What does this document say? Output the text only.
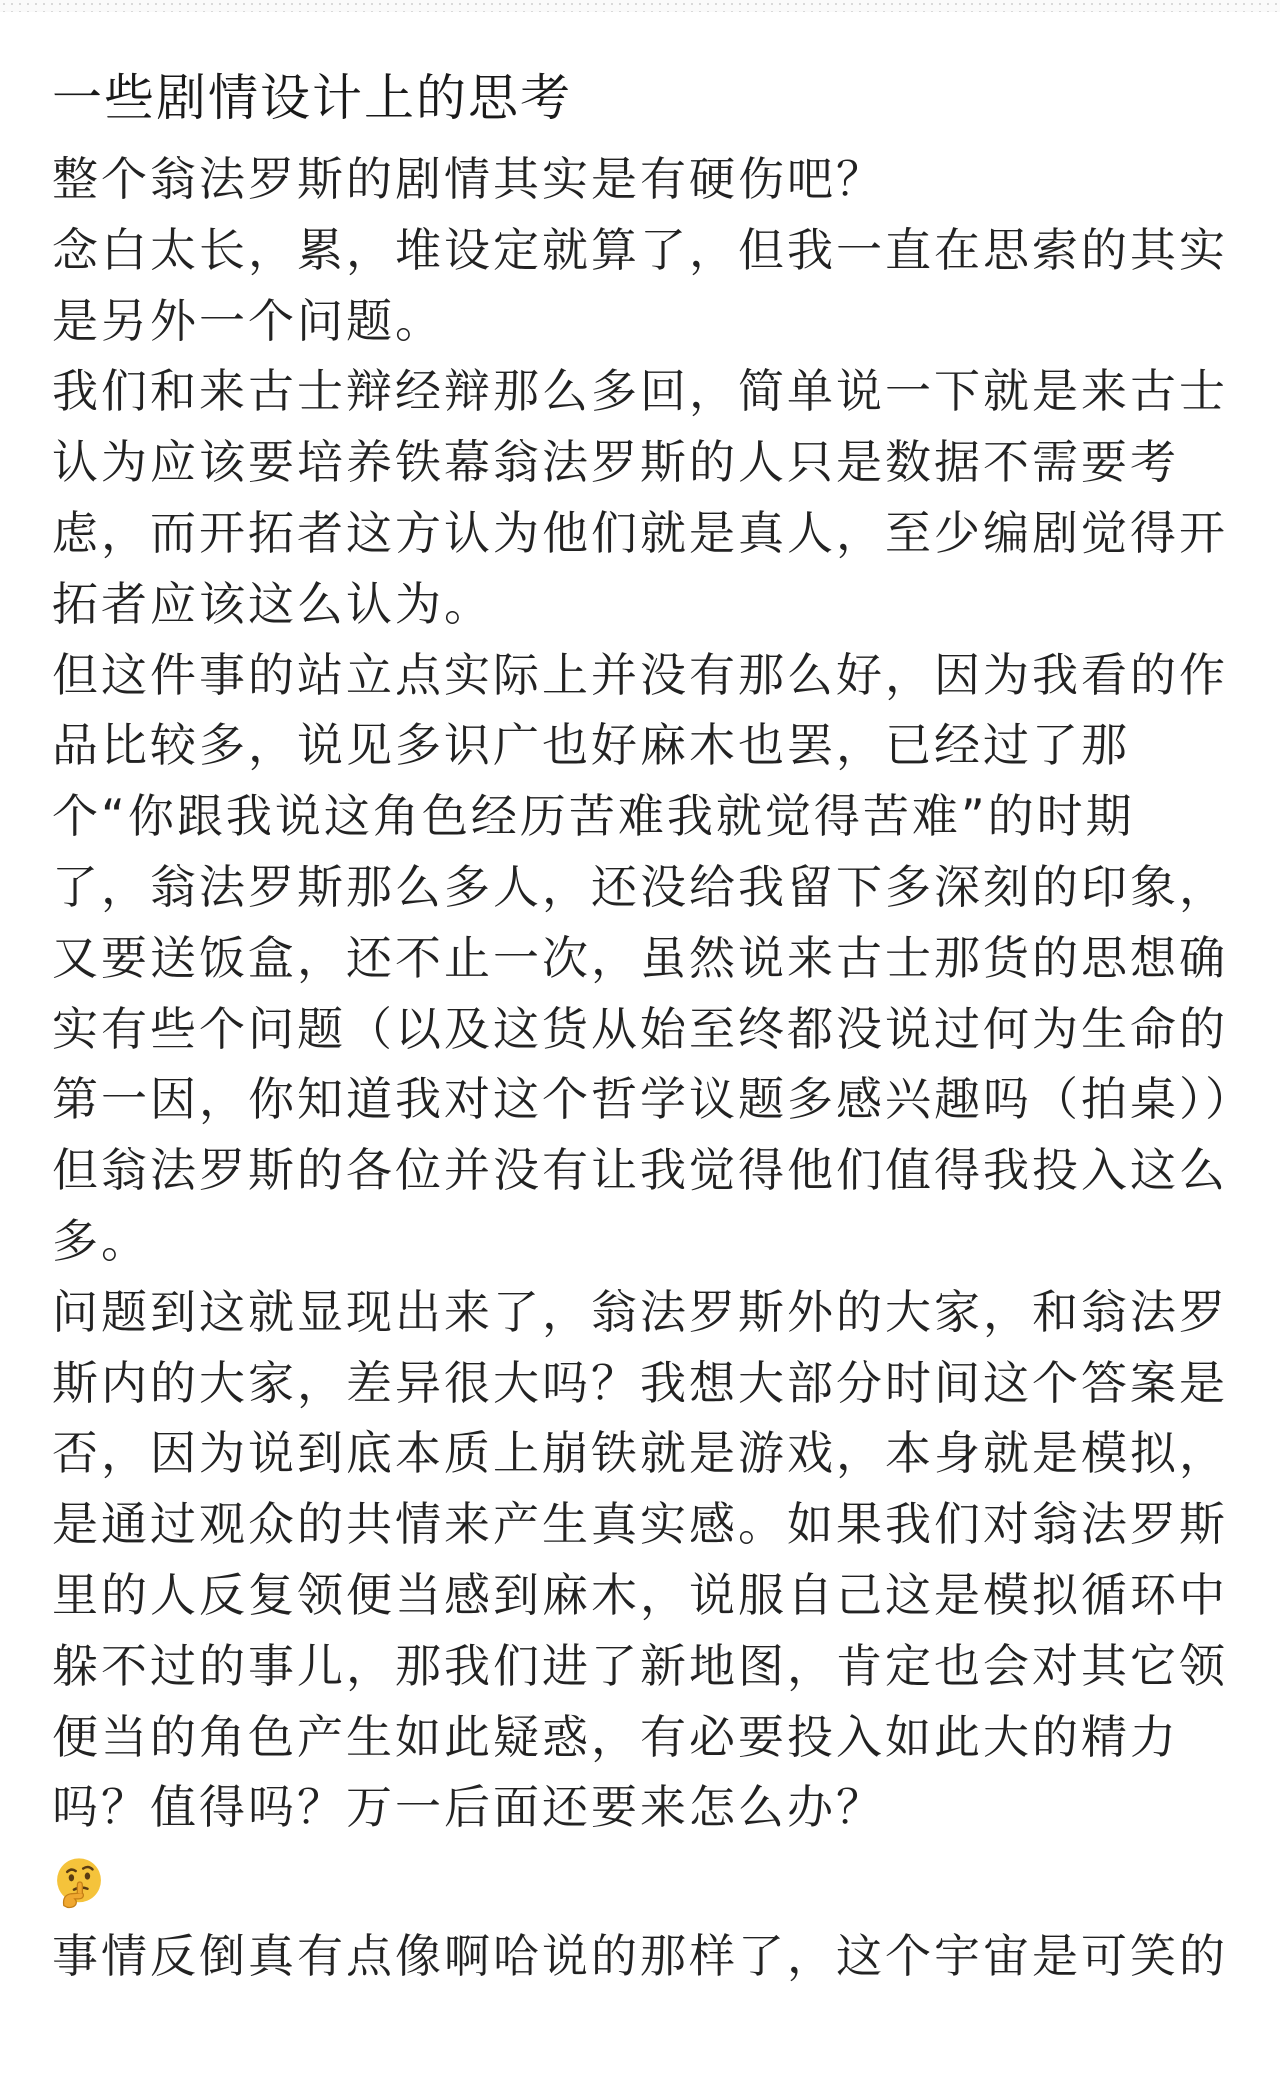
一些剧情设计上的思考

整个翁法罗斯的剧情其实是有硬伤吧？

念白太长，累，堆设定就算了，但我一直在思索的其实是另外一个问题。

我们和来古士辩经辩那么多回，简单说一下就是来古士认为应该要培养铁幕翁法罗斯的人只是数据不需要考虑，而开拓者这方认为他们就是真人，至少编剧觉得开拓者应该这么认为。

但这件事的站立点实际上并没有那么好，因为我看的作品比较多，说见多识广也好麻木也罢，已经过了那个“你跟我说这角色经历苦难我就觉得苦难”的时期了，翁法罗斯那么多人，还没给我留下多深刻的印象，又要送饭盒，还不止一次，虽然说来古士那货的思想确实有些个问题（以及这货从始至终都没说过何为生命的第一因，你知道我对这个哲学议题多感兴趣吗（拍桌））但翁法罗斯的各位并没有让我觉得他们值得我投入这么多。

问题到这就显现出来了，翁法罗斯外的大家，和翁法罗斯内的大家，差异很大吗？我想大部分时间这个答案是否，因为说到底本质上崩铁就是游戏，本身就是模拟，是通过观众的共情来产生真实感。如果我们对翁法罗斯里的人反复领便当感到麻木，说服自己这是模拟循环中躲不过的事儿，那我们进了新地图，肯定也会对其它领便当的角色产生如此疑惑，有必要投入如此大的精力吗？值得吗？万一后面还要来怎么办？

事情反倒真有点像啊哈说的那样了，这个宇宙是可笑的
